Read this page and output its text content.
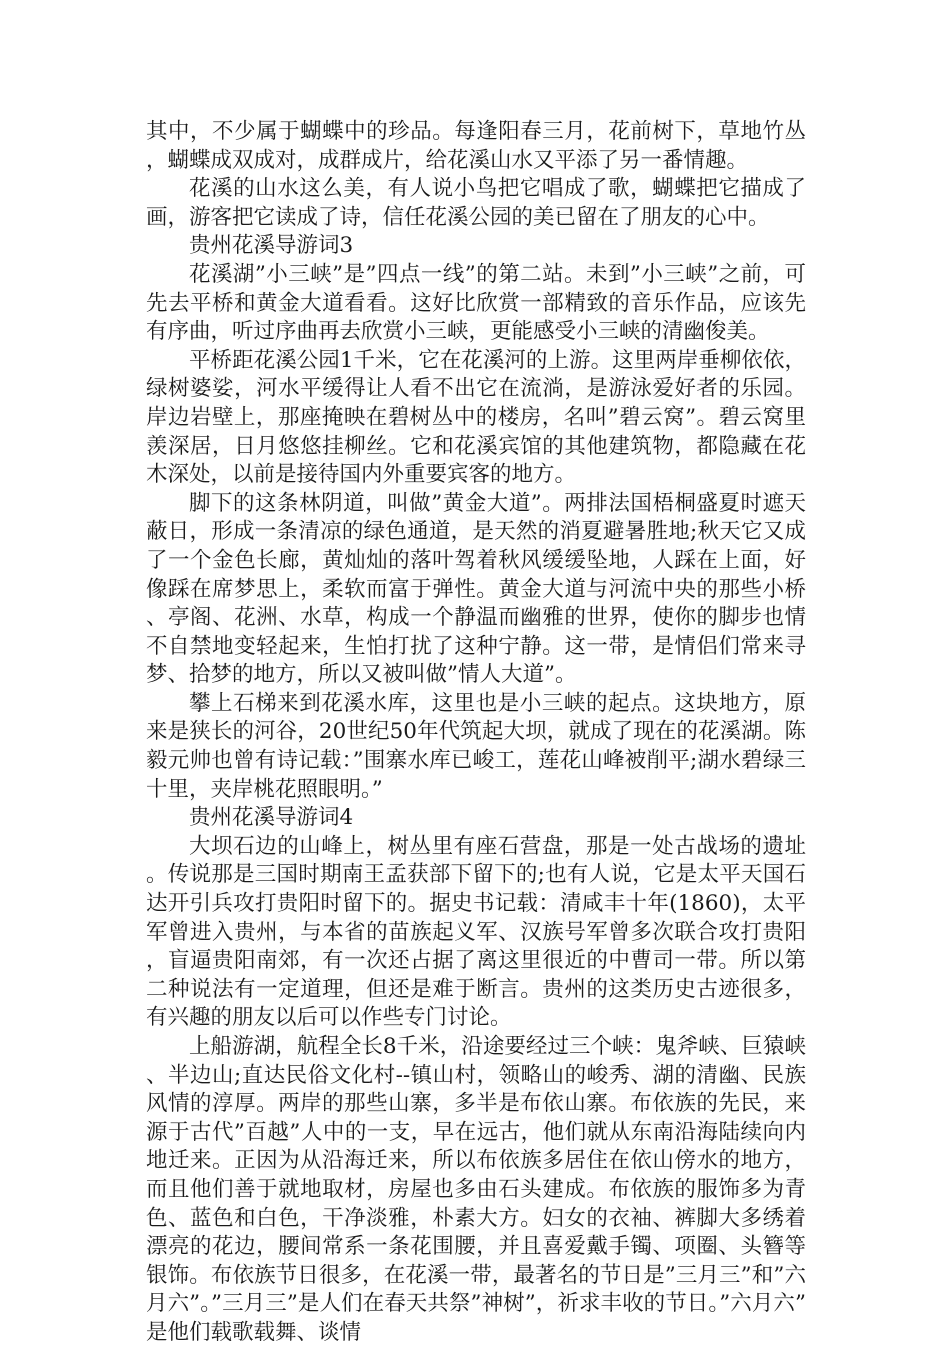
其中，不少属于蝴蝶中的珍品。每逢阳春三月，花前树下，草地竹丛，蝴蝶成双成对，成群成片，给花溪山水又平添了另一番情趣。

花溪的山水这么美，有人说小鸟把它唱成了歌，蝴蝶把它描成了画，游客把它读成了诗，信任花溪公园的美已留在了朋友的心中。

贵州花溪导游词3

花溪湖”小三峡”是”四点一线”的第二站。未到”小三峡”之前，可先去平桥和黄金大道看看。这好比欣赏一部精致的音乐作品，应该先有序曲，听过序曲再去欣赏小三峡，更能感受小三峡的清幽俊美。

平桥距花溪公园1千米，它在花溪河的上游。这里两岸垂柳依依，绿树婆娑，河水平缓得让人看不出它在流淌，是游泳爱好者的乐园。岸边岩壁上，那座掩映在碧树丛中的楼房，名叫”碧云窝”。碧云窝里羡深居，日月悠悠挂柳丝。它和花溪宾馆的其他建筑物，都隐藏在花木深处，以前是接待国内外重要宾客的地方。

脚下的这条林阴道，叫做”黄金大道”。两排法国梧桐盛夏时遮天蔽日，形成一条清凉的绿色通道，是天然的消夏避暑胜地;秋天它又成了一个金色长廊，黄灿灿的落叶驾着秋风缓缓坠地，人踩在上面，好像踩在席梦思上，柔软而富于弹性。黄金大道与河流中央的那些小桥、亭阁、花洲、水草，构成一个静温而幽雅的世界，使你的脚步也情不自禁地变轻起来，生怕打扰了这种宁静。这一带，是情侣们常来寻梦、拾梦的地方，所以又被叫做”情人大道”。

攀上石梯来到花溪水库，这里也是小三峡的起点。这块地方，原来是狭长的河谷，20世纪50年代筑起大坝，就成了现在的花溪湖。陈毅元帅也曾有诗记载：”围寨水库已峻工，莲花山峰被削平;湖水碧绿三十里，夹岸桃花照眼明。”

贵州花溪导游词4

大坝石边的山峰上，树丛里有座石营盘，那是一处古战场的遗址。传说那是三国时期南王孟获部下留下的;也有人说，它是太平天国石达开引兵攻打贵阳时留下的。据史书记载：清咸丰十年(1860)，太平军曾进入贵州，与本省的苗族起义军、汉族号军曾多次联合攻打贵阳，盲逼贵阳南郊，有一次还占据了离这里很近的中曹司一带。所以第二种说法有一定道理，但还是难于断言。贵州的这类历史古迹很多，有兴趣的朋友以后可以作些专门讨论。

上船游湖，航程全长8千米，沿途要经过三个峡：鬼斧峡、巨猿峡、半边山;直达民俗文化村--镇山村，领略山的峻秀、湖的清幽、民族风情的淳厚。两岸的那些山寨，多半是布依山寨。布依族的先民，来源于古代”百越”人中的一支，早在远古，他们就从东南沿海陆续向内地迁来。正因为从沿海迁来，所以布依族多居住在依山傍水的地方，而且他们善于就地取材，房屋也多由石头建成。布依族的服饰多为青色、蓝色和白色，干净淡雅，朴素大方。妇女的衣袖、裤脚大多绣着漂亮的花边，腰间常系一条花围腰，并且喜爱戴手镯、项圈、头簪等银饰。布依族节日很多，在花溪一带，最著名的节日是”三月三”和”六月六”。”三月三”是人们在春天共祭”神树”，祈求丰收的节日。”六月六”是他们载歌载舞、谈情
